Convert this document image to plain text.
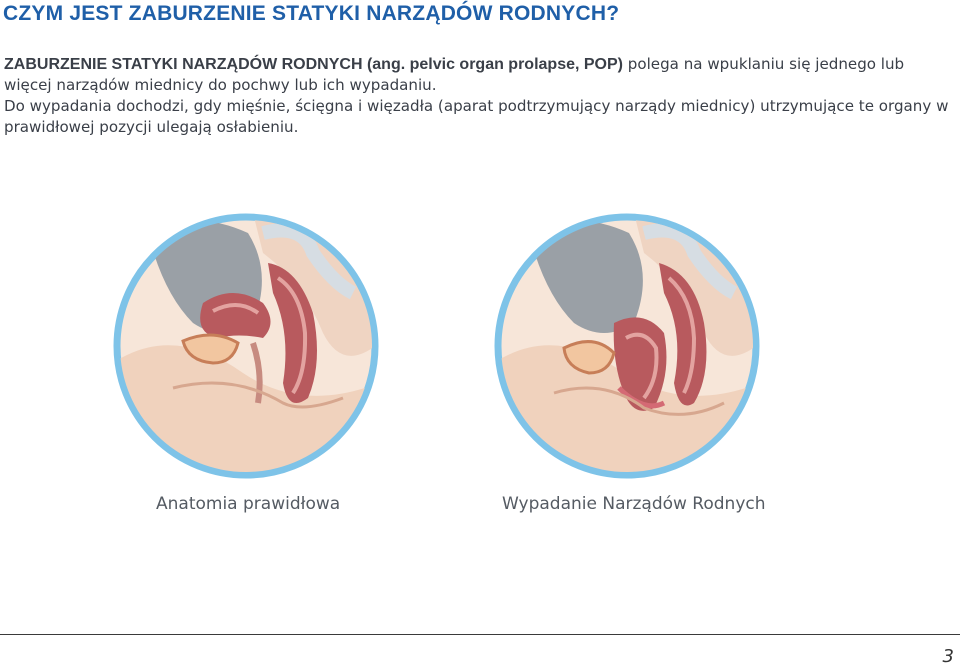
CZYM JEST ZABURZENIE STATYKI NARZĄDÓW RODNYCH?

ZABURZENIE STATYKI NARZĄDÓW RODNYCH (ang. pelvic organ prolapse, POP) polega na wpuklaniu się jednego lub więcej narządów miednicy do pochwy lub ich wypadaniu.

Do wypadania dochodzi, gdy mięśnie, ścięgna i więzadła (aparat podtrzymujący narządy miednicy) utrzymujące te organy w prawidłowej pozycji ulegają osłabieniu.

Anatomia prawidłowa	Wypadanie Narządów Rodnych
3
